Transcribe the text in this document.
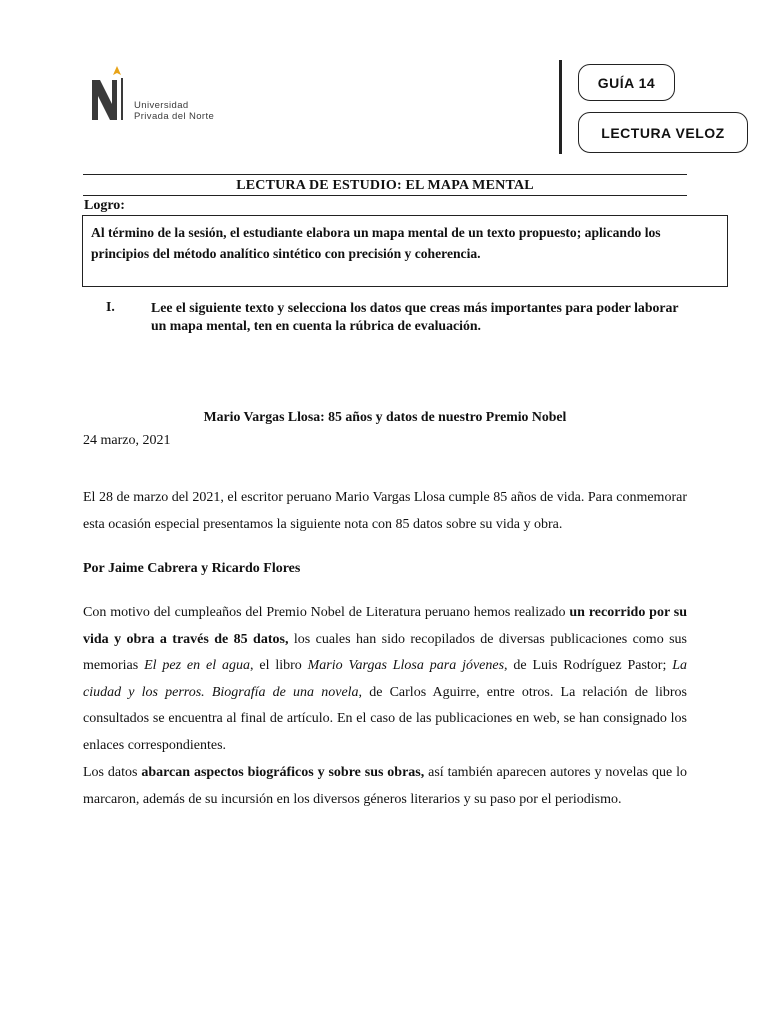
Universidad
Privada del Norte
GUÍA 14
LECTURA VELOZ
LECTURA DE ESTUDIO: EL MAPA MENTAL
Logro:
Al término de la sesión, el estudiante elabora un mapa mental de un texto propuesto; aplicando los principios del método analítico sintético con precisión y coherencia.
I.	Lee el siguiente texto y selecciona los datos que creas más importantes para poder laborar un mapa mental, ten en cuenta la rúbrica de evaluación.
Mario Vargas Llosa: 85 años y datos de nuestro Premio Nobel
24 marzo, 2021
El 28 de marzo del 2021, el escritor peruano Mario Vargas Llosa cumple 85 años de vida. Para conmemorar esta ocasión especial presentamos la siguiente nota con 85 datos sobre su vida y obra.
Por Jaime Cabrera y Ricardo Flores
Con motivo del cumpleaños del Premio Nobel de Literatura peruano hemos realizado un recorrido por su vida y obra a través de 85 datos, los cuales han sido recopilados de diversas publicaciones como sus memorias El pez en el agua, el libro Mario Vargas Llosa para jóvenes, de Luis Rodríguez Pastor; La ciudad y los perros. Biografía de una novela, de Carlos Aguirre, entre otros. La relación de libros consultados se encuentra al final de artículo. En el caso de las publicaciones en web, se han consignado los enlaces correspondientes.
Los datos abarcan aspectos biográficos y sobre sus obras, así también aparecen autores y novelas que lo marcaron, además de su incursión en los diversos géneros literarios y su paso por el periodismo.
